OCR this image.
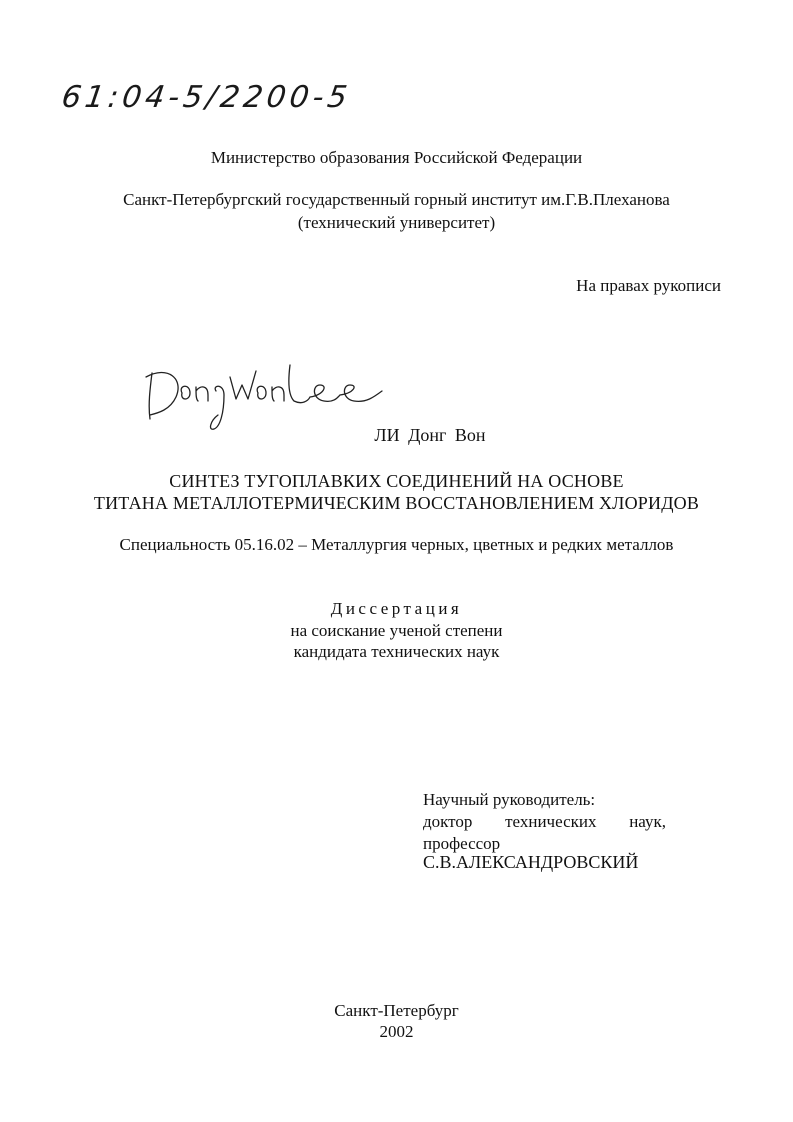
61:04-5/2200-5
Министерство образования Российской Федерации
Санкт-Петербургский государственный горный институт им.Г.В.Плеханова
(технический университет)
На правах рукописи
ЛИ Донг Вон
СИНТЕЗ ТУГОПЛАВКИХ СОЕДИНЕНИЙ НА ОСНОВЕ
ТИТАНА МЕТАЛЛОТЕРМИЧЕСКИМ ВОССТАНОВЛЕНИЕМ ХЛОРИДОВ
Специальность 05.16.02 – Металлургия черных, цветных и редких металлов
Диссертация
на соискание ученой степени
кандидата технических наук
Научный руководитель:
доктор технических наук,
профессор
С.В.АЛЕКСАНДРОВСКИЙ
Санкт-Петербург
2002
